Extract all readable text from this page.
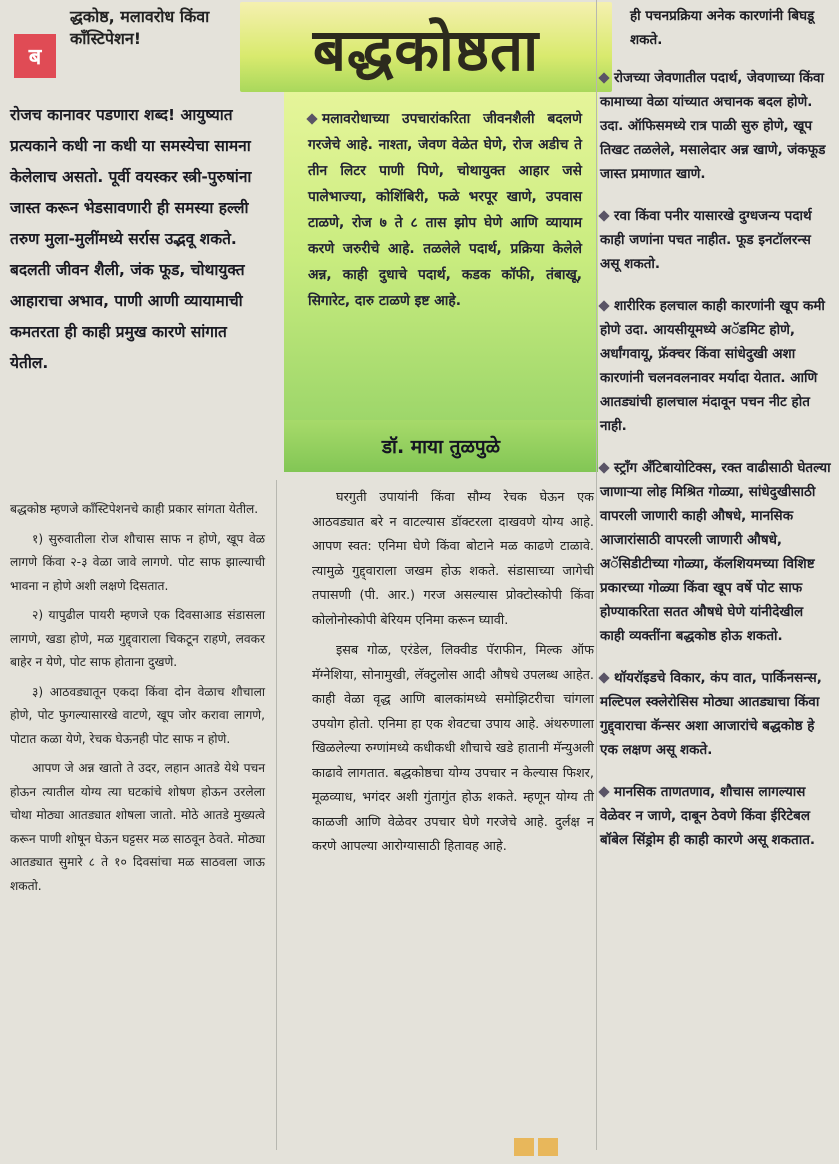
ब
द्धकोष्ठ, मलावरोध किंवा कॉंस्टिपेशन!
रोजच कानावर पडणारा शब्द! आयुष्यात प्रत्यकाने कधी ना कधी या समस्येचा सामना केलेलाच असतो. पूर्वी वयस्कर स्त्री-पुरुषांना जास्त करून भेडसावणारी ही समस्या हल्ली तरुण मुला-मुलींमध्ये सर्रास उद्भवू शकते. बदलती जीवन शैली, जंक फूड, चोथायुक्त आहाराचा अभाव, पाणी आणी व्यायामाची कमतरता ही काही प्रमुख कारणे सांगात येतील.

बद्धकोष्ठ म्हणजे कॉंस्टिपेशनचे काही प्रकार सांगता येतील.

१) सुरुवातीला रोज शौचास साफ न होणे, खूप वेळ लागणे किंवा २-३ वेळा जावे लागणे. पोट साफ झाल्याची भावना न होणे अशी लक्षणे दिसतात.

२) यापुढील पायरी म्हणजे एक दिवसाआड संडासला लागणे, खडा होणे, मळ गुद्द्वाराला चिकटून राहणे, लवकर बाहेर न येणे, पोट साफ होताना दुखणे.

३) आठवड्यातून एकदा किंवा दोन वेळाच शौचाला होणे, पोट फुगल्यासारखे वाटणे, खूप जोर करावा लागणे, पोटात कळा येणे, रेचक घेऊनही पोट साफ न होणे.

आपण जे अन्न खातो ते उदर, लहान आतडे येथे पचन होऊन त्यातील योग्य त्या घटकांचे शोषण होऊन उरलेला चोथा मोठ्या आतड्यात शोषला जातो. मोठे आतडे मुख्यत्वे करून पाणी शोषून घेऊन घट्टसर मळ साठवून ठेवते. मोठ्या आतड्यात सुमारे ८ ते १० दिवसांचा मळ साठवला जाऊ शकतो.

बद्धकोष्ठता

मलावरोधाच्या उपचारांकरिता जीवनशैली बदलणे गरजेचे आहे. नाश्ता, जेवण वेळेत घेणे, रोज अडीच ते तीन लिटर पाणी पिणे, चोथायुक्त आहार जसे पालेभाज्या, कोशिंबिरी, फळे भरपूर खाणे, उपवास टाळणे, रोज ७ ते ८ तास झोप घेणे आणि व्यायाम करणे जरुरीचे आहे. तळलेले पदार्थ, प्रक्रिया केलेले अन्न, काही दुधाचे पदार्थ, कडक कॉफी, तंबाखू, सिगारेट, दारु टाळणे इष्ट आहे.

डॉ. माया तुळपुळे

घरगुती उपायांनी किंवा सौम्य रेचक घेऊन एक आठवड्यात बरे न वाटल्यास डॉक्टरला दाखवणे योग्य आहे. आपण स्वत: एनिमा घेणे किंवा बोटाने मळ काढणे टाळावे. त्यामुळे गुद्द्वाराला जखम होऊ शकते. संडासाच्या जागेची तपासणी (पी. आर.) गरज असल्यास प्रोक्टोस्कोपी किंवा कोलोनोस्कोपी बेरियम एनिमा करून घ्यावी.

इसब गोळ, एरंडेल, लिक्वीड पॅराफीन, मिल्क ऑफ मॅग्नेशिया, सोनामुखी, लॅक्टुलोस आदी औषधे उपलब्ध आहेत. काही वेळा वृद्ध आणि बालकांमध्ये समोझिटरीचा चांगला उपयोग होतो. एनिमा हा एक शेवटचा उपाय आहे. अंथरुणाला खिळलेल्या रुग्णांमध्ये कधीकधी शौचाचे खडे हातानी मॅन्युअली काढावे लागतात. बद्धकोष्ठचा योग्य उपचार न केल्यास फिशर, मूळव्याध, भगंदर अशी गुंतागुंत होऊ शकते. म्हणून योग्य ती काळजी आणि वेळेवर उपचार घेणे गरजेचे आहे. दुर्लक्ष न करणे आपल्या आरोग्यासाठी हितावह आहे.

ही पचनप्रक्रिया अनेक कारणांनी बिघडू शकते.

रोजच्या जेवणातील पदार्थ, जेवणाच्या किंवा कामाच्या वेळा यांच्यात अचानक बदल होणे. उदा. ऑफिसमध्ये रात्र पाळी सुरु होणे, खूप तिखट तळलेले, मसालेदार अन्न खाणे, जंकफूड जास्त प्रमाणात खाणे.

रवा किंवा पनीर यासारखे दुग्धजन्य पदार्थ काही जणांना पचत नाहीत. फूड इनटॉलरन्स असू शकतो.

शारीरिक हलचाल काही कारणांनी खूप कमी होणे उदा. आयसीयूमध्ये अॅडमिट होणे, अर्धांगवायू, फ्रॅक्चर किंवा सांधेदुखी अशा कारणांनी चलनवलनावर मर्यादा येतात. आणि आतड्यांची हालचाल मंदावून पचन नीट होत नाही.

स्ट्राँग अँटिबायोटिक्स, रक्त वाढीसाठी घेतल्या जाणाऱ्या लोह मिश्रित गोळ्या, सांधेदुखीसाठी वापरली जाणारी काही औषधे, मानसिक आजारांसाठी वापरली जाणारी औषधे, अॅसिडीटीच्या गोळ्या, कॅलशियमच्या विशिष्ट प्रकारच्या गोळ्या किंवा खूप वर्षे पोट साफ होण्याकरिता सतत औषधे घेणे यांनीदेखील काही व्यक्तींना बद्धकोष्ठ होऊ शकतो.

थॉयरॉइडचे विकार, कंप वात, पार्किनसन्स, मल्टिपल स्क्लेरोसिस मोठ्या आतड्याचा किंवा गुद्द्वाराचा कॅन्सर अशा आजारांचे बद्धकोष्ठ हे एक लक्षण असू शकते.

मानसिक ताणतणाव, शौचास लागल्यास वेळेवर न जाणे, दाबून ठेवणे किंवा ईरिटेबल बॉबेल सिंड्रोम ही काही कारणे असू शकतात.
